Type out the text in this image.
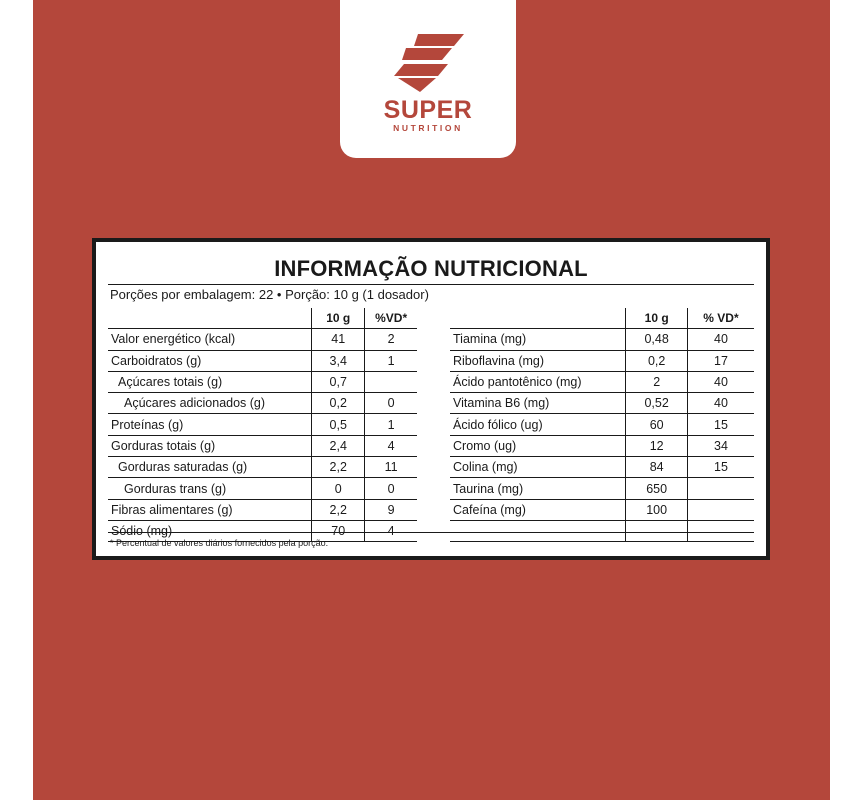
SUPER
NUTRITION
INFORMAÇÃO NUTRICIONAL
Porções por embalagem: 22 • Porção: 10 g (1 dosador)
	10 g	%VD*
Valor energético (kcal)	41	2
Carboidratos (g)	3,4	1
Açúcares totais (g)	0,7	
Açúcares adicionados (g)	0,2	0
Proteínas (g)	0,5	1
Gorduras totais (g)	2,4	4
Gorduras saturadas (g)	2,2	11
Gorduras trans (g)	0	0
Fibras alimentares (g)	2,2	9
Sódio (mg)	70	4
	10 g	% VD*
Tiamina (mg)	0,48	40
Riboflavina (mg)	0,2	17
Ácido pantotênico (mg)	2	40
Vitamina B6 (mg)	0,52	40
Ácido fólico (ug)	60	15
Cromo (ug)	12	34
Colina (mg)	84	15
Taurina (mg)	650	
Cafeína (mg)	100	

* Percentual de valores diários fornecidos pela porção.
